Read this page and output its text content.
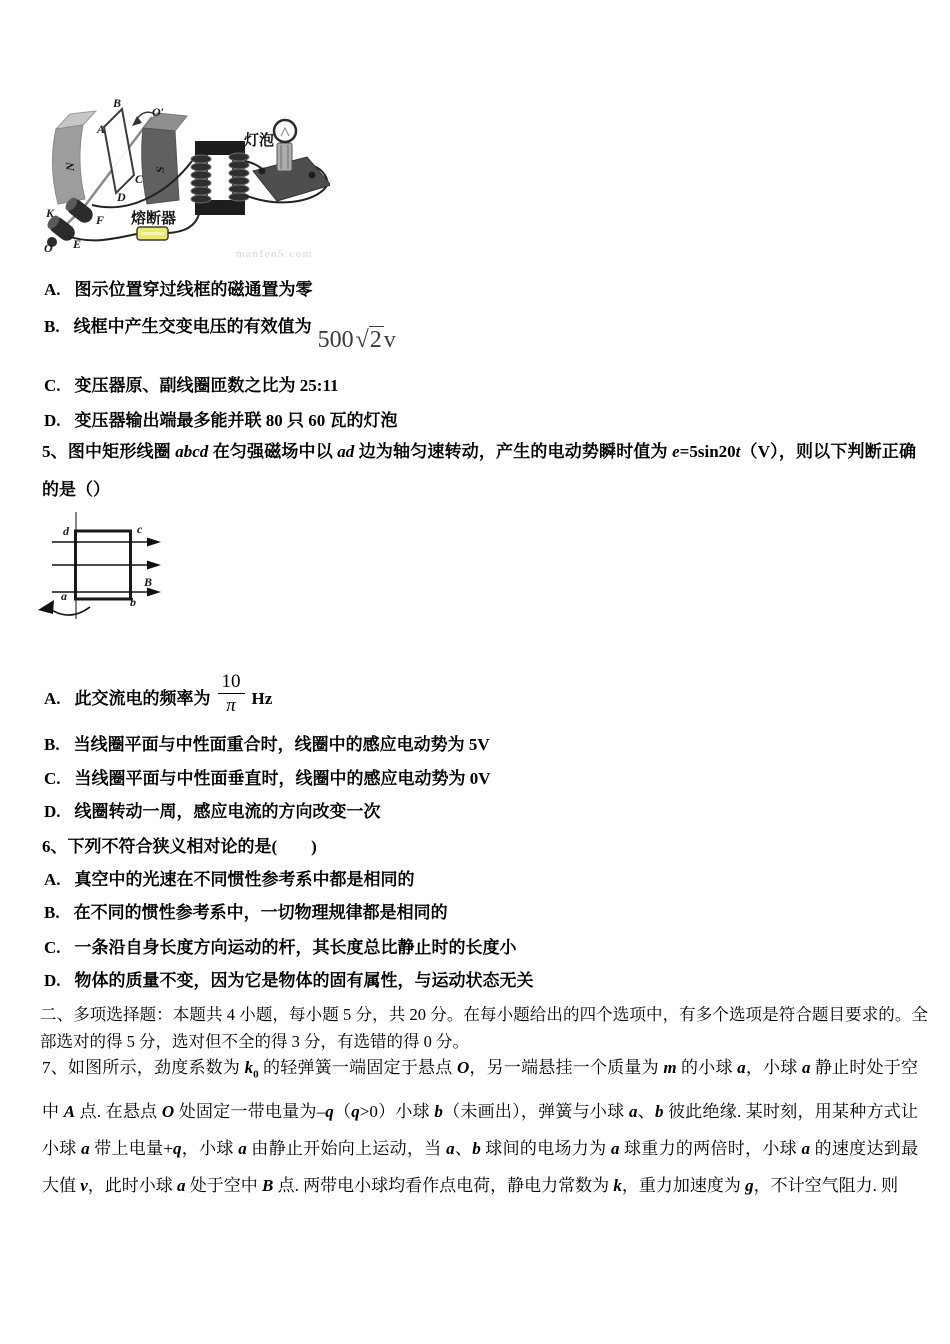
N	S
B
A
O′
C
D
K	F
E
O
灯泡
熔断器
manfen5.com
A. 图示位置穿过线框的磁通置为零
B. 线框中产生交变电压的有效值为500√2v
C. 变压器原、副线圈匝数之比为 25:11
D. 变压器输出端最多能并联 80 只 60 瓦的灯泡
5、图中矩形线圈 abcd 在匀强磁场中以 ad 边为轴匀速转动，产生的电动势瞬时值为 e=5sin20t（V），则以下判断正确的是（）
d	c
a	b
B
A. 此交流电的频率为 $\frac{10}{\pi}$ Hz
B. 当线圈平面与中性面重合时，线圈中的感应电动势为 5V
C. 当线圈平面与中性面垂直时，线圈中的感应电动势为 0V
D. 线圈转动一周，感应电流的方向改变一次
6、下列不符合狭义相对论的是(　　)
A. 真空中的光速在不同惯性参考系中都是相同的
B. 在不同的惯性参考系中，一切物理规律都是相同的
C. 一条沿自身长度方向运动的杆，其长度总比静止时的长度小
D. 物体的质量不变，因为它是物体的固有属性，与运动状态无关
二、多项选择题：本题共 4 小题，每小题 5 分，共 20 分。在每小题给出的四个选项中，有多个选项是符合题目要求的。全部选对的得 5 分，选对但不全的得 3 分，有选错的得 0 分。
7、如图所示，劲度系数为 $k_0$ 的轻弹簧一端固定于悬点 O，另一端悬挂一个质量为 m 的小球 a，小球 a 静止时处于空中 A 点. 在悬点 O 处固定一带电量为–q（q>0）小球 b（未画出），弹簧与小球 a、b 彼此绝缘. 某时刻，用某种方式让小球 a 带上电量+q，小球 a 由静止开始向上运动，当 a、b 球间的电场力为 a 球重力的两倍时，小球 a 的速度达到最大值 v，此时小球 a 处于空中 B 点. 两带电小球均看作点电荷，静电力常数为 k，重力加速度为 g，不计空气阻力. 则
